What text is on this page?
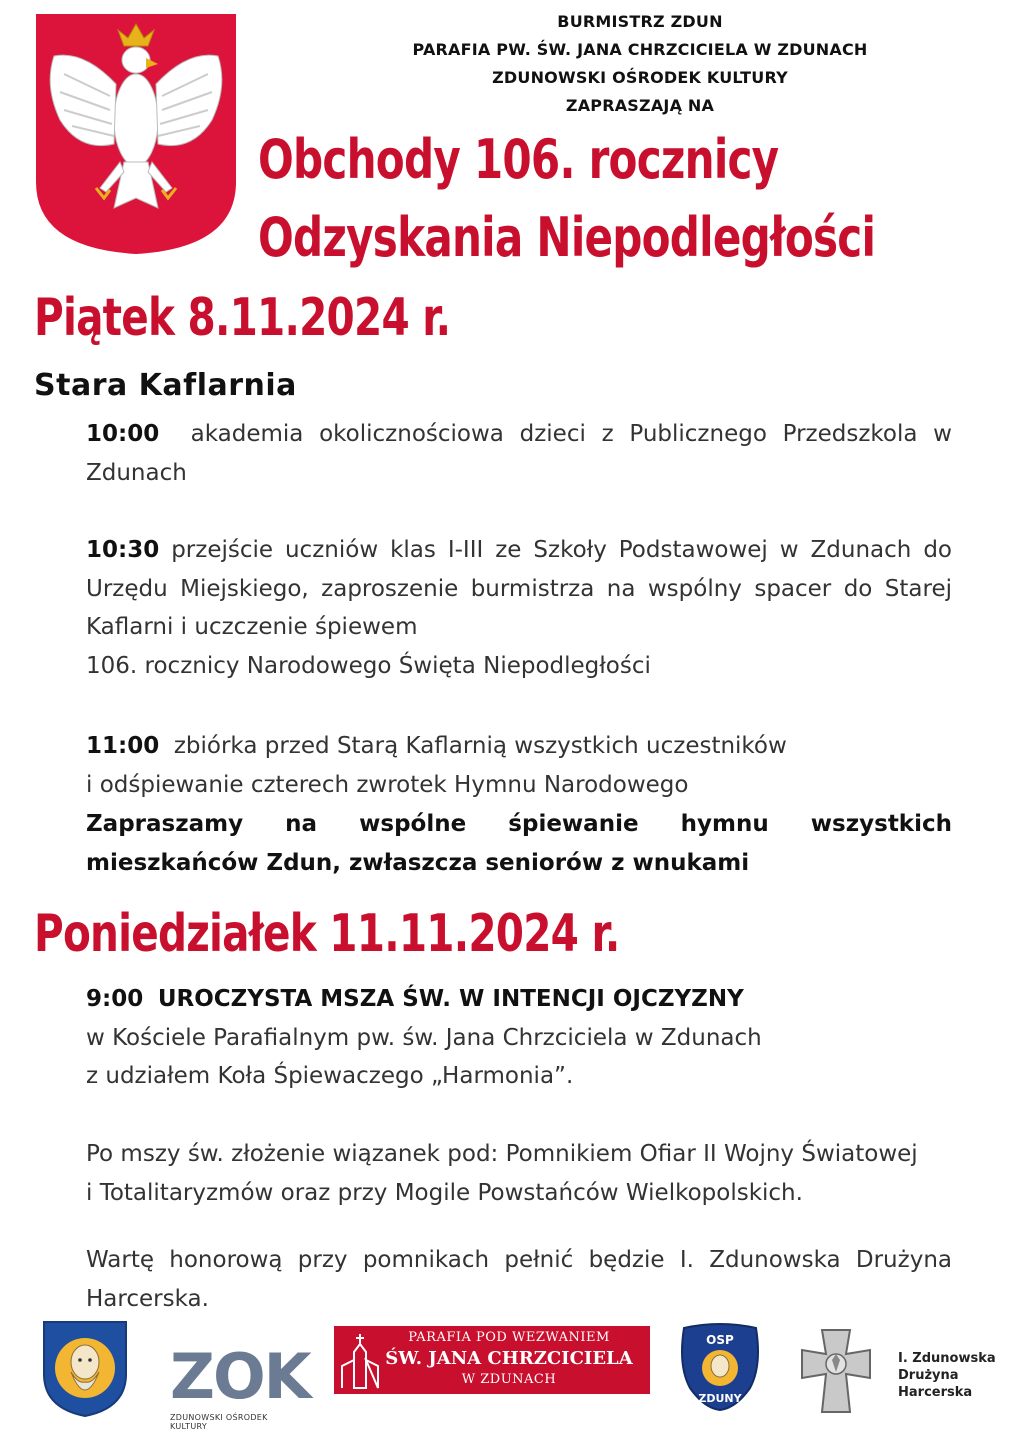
BURMISTRZ ZDUN
PARAFIA PW. ŚW. JANA CHRZCICIELA W ZDUNACH
ZDUNOWSKI OŚRODEK KULTURY
ZAPRASZAJĄ NA
Obchody 106. rocznicy
Odzyskania Niepodległości
Piątek 8.11.2024 r.
Stara Kaflarnia
10:00 akademia okolicznościowa dzieci z Publicznego Przedszkola w Zdunach
10:30 przejście uczniów klas I-III ze Szkoły Podstawowej w Zdunach do Urzędu Miejskiego, zaproszenie burmistrza na wspólny spacer do Starej Kaflarni i uczczenie śpiewem
106. rocznicy Narodowego Święta Niepodległości
11:00 zbiórka przed Starą Kaflarnią wszystkich uczestników
i odśpiewanie czterech zwrotek Hymnu Narodowego
Zapraszamy na wspólne śpiewanie hymnu wszystkich
mieszkańców Zdun, zwłaszcza seniorów z wnukami
Poniedziałek 11.11.2024 r.
9:00 UROCZYSTA MSZA ŚW. W INTENCJI OJCZYZNY
w Kościele Parafialnym pw. św. Jana Chrzciciela w Zdunach
z udziałem Koła Śpiewaczego „Harmonia”.
Po mszy św. złożenie wiązanek pod: Pomnikiem Ofiar II Wojny Światowej
i Totalitaryzmów oraz przy Mogile Powstańców Wielkopolskich.
Wartę honorową przy pomnikach pełnić będzie I. Zdunowska Drużyna
Harcerska.
ZOK
ZDUNOWSKI OŚRODEK KULTURY
PARAFIA POD WEZWANIEM
ŚW. JANA CHRZCICIELA
W ZDUNACH
OSP
ZDUNY
I. Zdunowska
Drużyna
Harcerska
